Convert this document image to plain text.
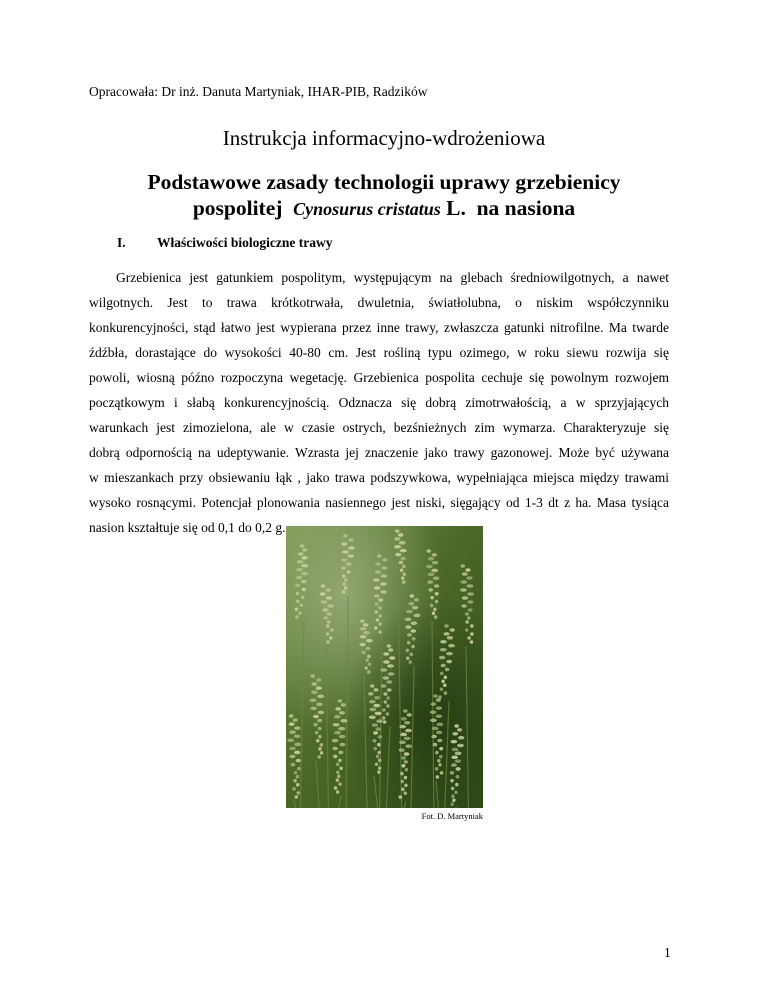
Opracowała: Dr inż. Danuta Martyniak, IHAR-PIB, Radzików
Instrukcja informacyjno-wdrożeniowa
Podstawowe zasady technologii uprawy grzebienicy
pospolitej Cynosurus cristatus L. na nasiona
I. Właściwości biologiczne trawy
Grzebienica jest gatunkiem pospolitym, występującym na glebach średniowilgotnych, a nawet
wilgotnych. Jest to trawa krótkotrwała, dwuletnia, światłolubna, o niskim współczynniku
konkurencyjności, stąd łatwo jest wypierana przez inne trawy, zwłaszcza gatunki nitrofilne. Ma twarde
źdźbła, dorastające do wysokości 40-80 cm. Jest rośliną typu ozimego, w roku siewu rozwija się
powoli, wiosną późno rozpoczyna wegetację. Grzebienica pospolita cechuje się powolnym rozwojem
początkowym i słabą konkurencyjnością. Odznacza się dobrą zimotrwałością, a w sprzyjających
warunkach jest zimozielona, ale w czasie ostrych, bezśnieżnych zim wymarza. Charakteryzuje się
dobrą odpornością na udeptywanie. Wzrasta jej znaczenie jako trawy gazonowej. Może być używana
w mieszankach przy obsiewaniu łąk , jako trawa podszywkowa, wypełniająca miejsca między trawami
wysoko rosnącymi. Potencjał plonowania nasiennego jest niski, sięgający od 1-3 dt z ha. Masa tysiąca
nasion kształtuje się od 0,1 do 0,2 g.
Fot. D. Martyniak
1
